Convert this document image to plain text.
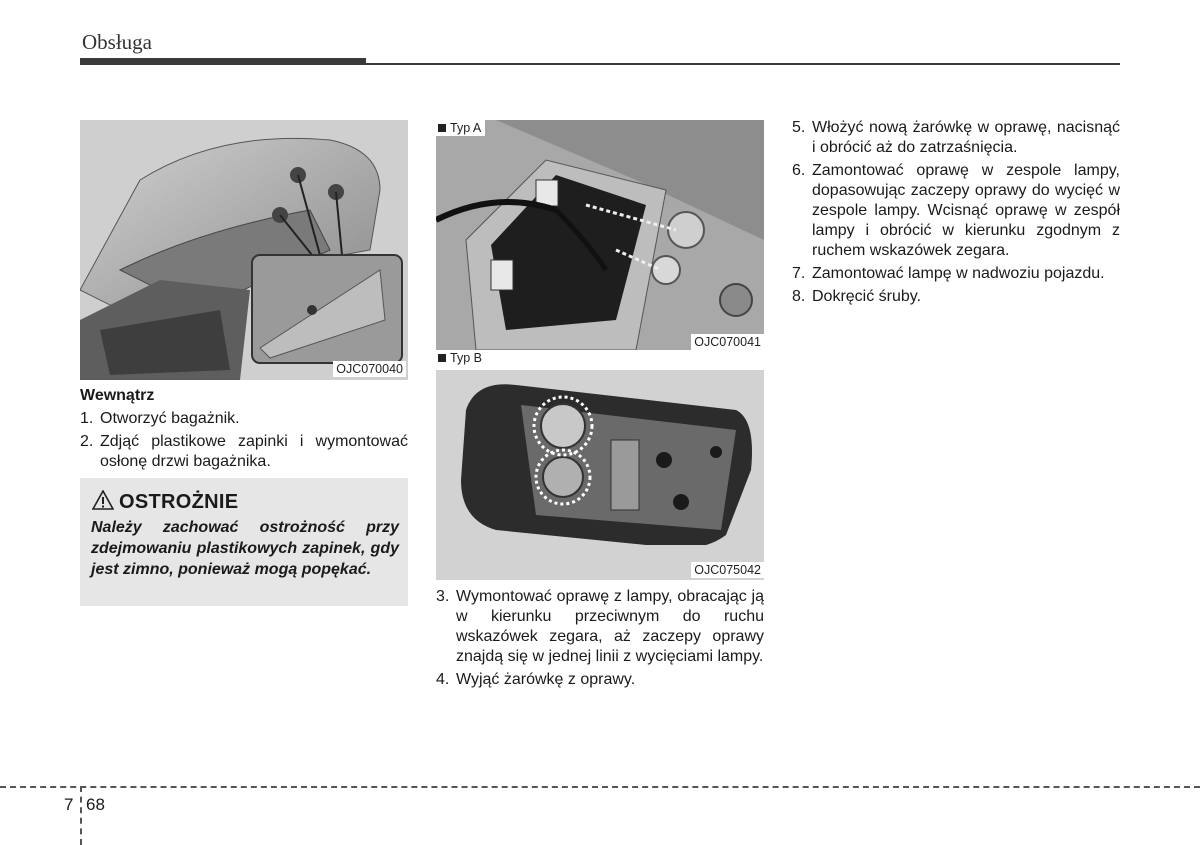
Obsługa
OJC070040
Wewnątrz
1. Otworzyć bagażnik.
2. Zdjąć plastikowe zapinki i wymontować osłonę drzwi bagażnika.
OSTROŻNIE
Należy zachować ostrożność przy zdejmowaniu plastikowych zapinek, gdy jest zimno, ponieważ mogą popękać.
Typ A
OJC070041
Typ B
OJC075042
3. Wymontować oprawę z lampy, obracając ją w kierunku przeciwnym do ruchu wskazówek zegara, aż zaczepy oprawy znajdą się w jednej linii z wycięciami lampy.
4. Wyjąć żarówkę z oprawy.
5. Włożyć nową żarówkę w oprawę, nacisnąć i obrócić aż do zatrzaśnięcia.
6. Zamontować oprawę w zespole lampy, dopasowując zaczepy oprawy do wycięć w zespole lampy. Wcisnąć oprawę w zespół lampy i obrócić w kierunku zgodnym z ruchem wskazówek zegara.
7. Zamontować lampę w nadwoziu pojazdu.
8. Dokręcić śruby.
7 68
